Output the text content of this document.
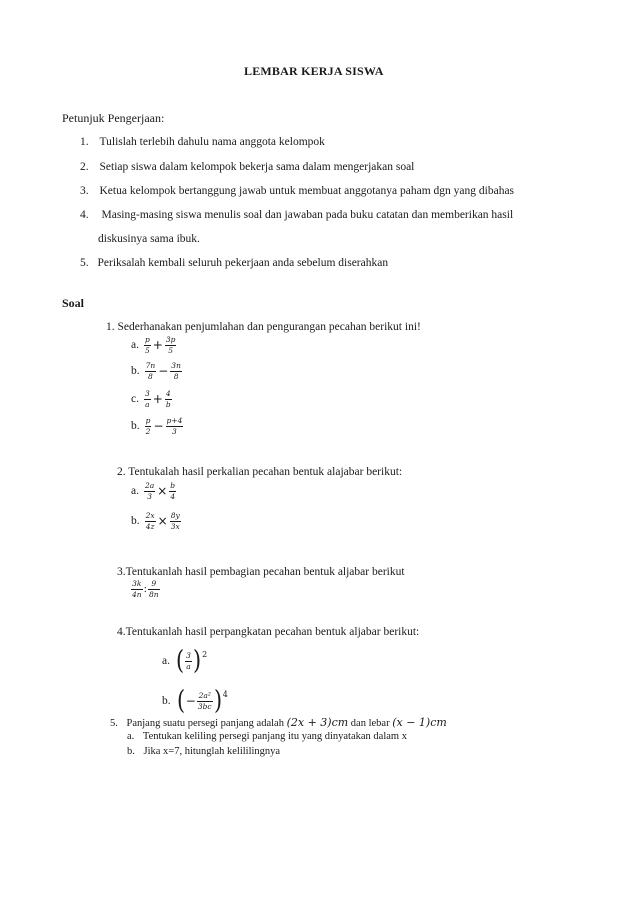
LEMBAR KERJA SISWA
Petunjuk Pengerjaan:
1. Tulislah terlebih dahulu nama anggota kelompok
2. Setiap siswa dalam kelompok bekerja sama dalam mengerjakan soal
3. Ketua kelompok bertanggung jawab untuk membuat anggotanya paham dgn yang dibahas
4. Masing-masing siswa menulis soal dan jawaban pada buku catatan dan memberikan hasil
diskusinya sama ibuk.
5. Periksalah kembali seluruh pekerjaan anda sebelum diserahkan
Soal
1. Sederhanakan penjumlahan dan pengurangan pecahan berikut ini!
a. $\frac{p}{5} + \frac{3p}{5}$
b. $\frac{7n}{8} - \frac{3n}{8}$
c. $\frac{3}{a} + \frac{4}{b}$
b. $\frac{p}{2} - \frac{p+4}{3}$
2. Tentukalah hasil perkalian pecahan bentuk alajabar berikut:
a. $\frac{2a}{3} \times \frac{b}{4}$
b. $\frac{2x}{4z} \times \frac{8y}{3x}$
3.Tentukanlah hasil pembagian pecahan bentuk aljabar berikut
$\frac{3k}{4n}$ : $\frac{9}{8n}$
4.Tentukanlah hasil perpangkatan pecahan bentuk aljabar berikut:
a. ( $\frac{3}{a}$ ) 2
b. ( − $\frac{\text{2a²}}{3bc}$ ) 4
5. Panjang suatu persegi panjang adalah (2x + 3)cm dan lebar (x − 1)cm
a. Tentukan keliling persegi panjang itu yang dinyatakan dalam x
b. Jika x=7, hitunglah kelililingnya
